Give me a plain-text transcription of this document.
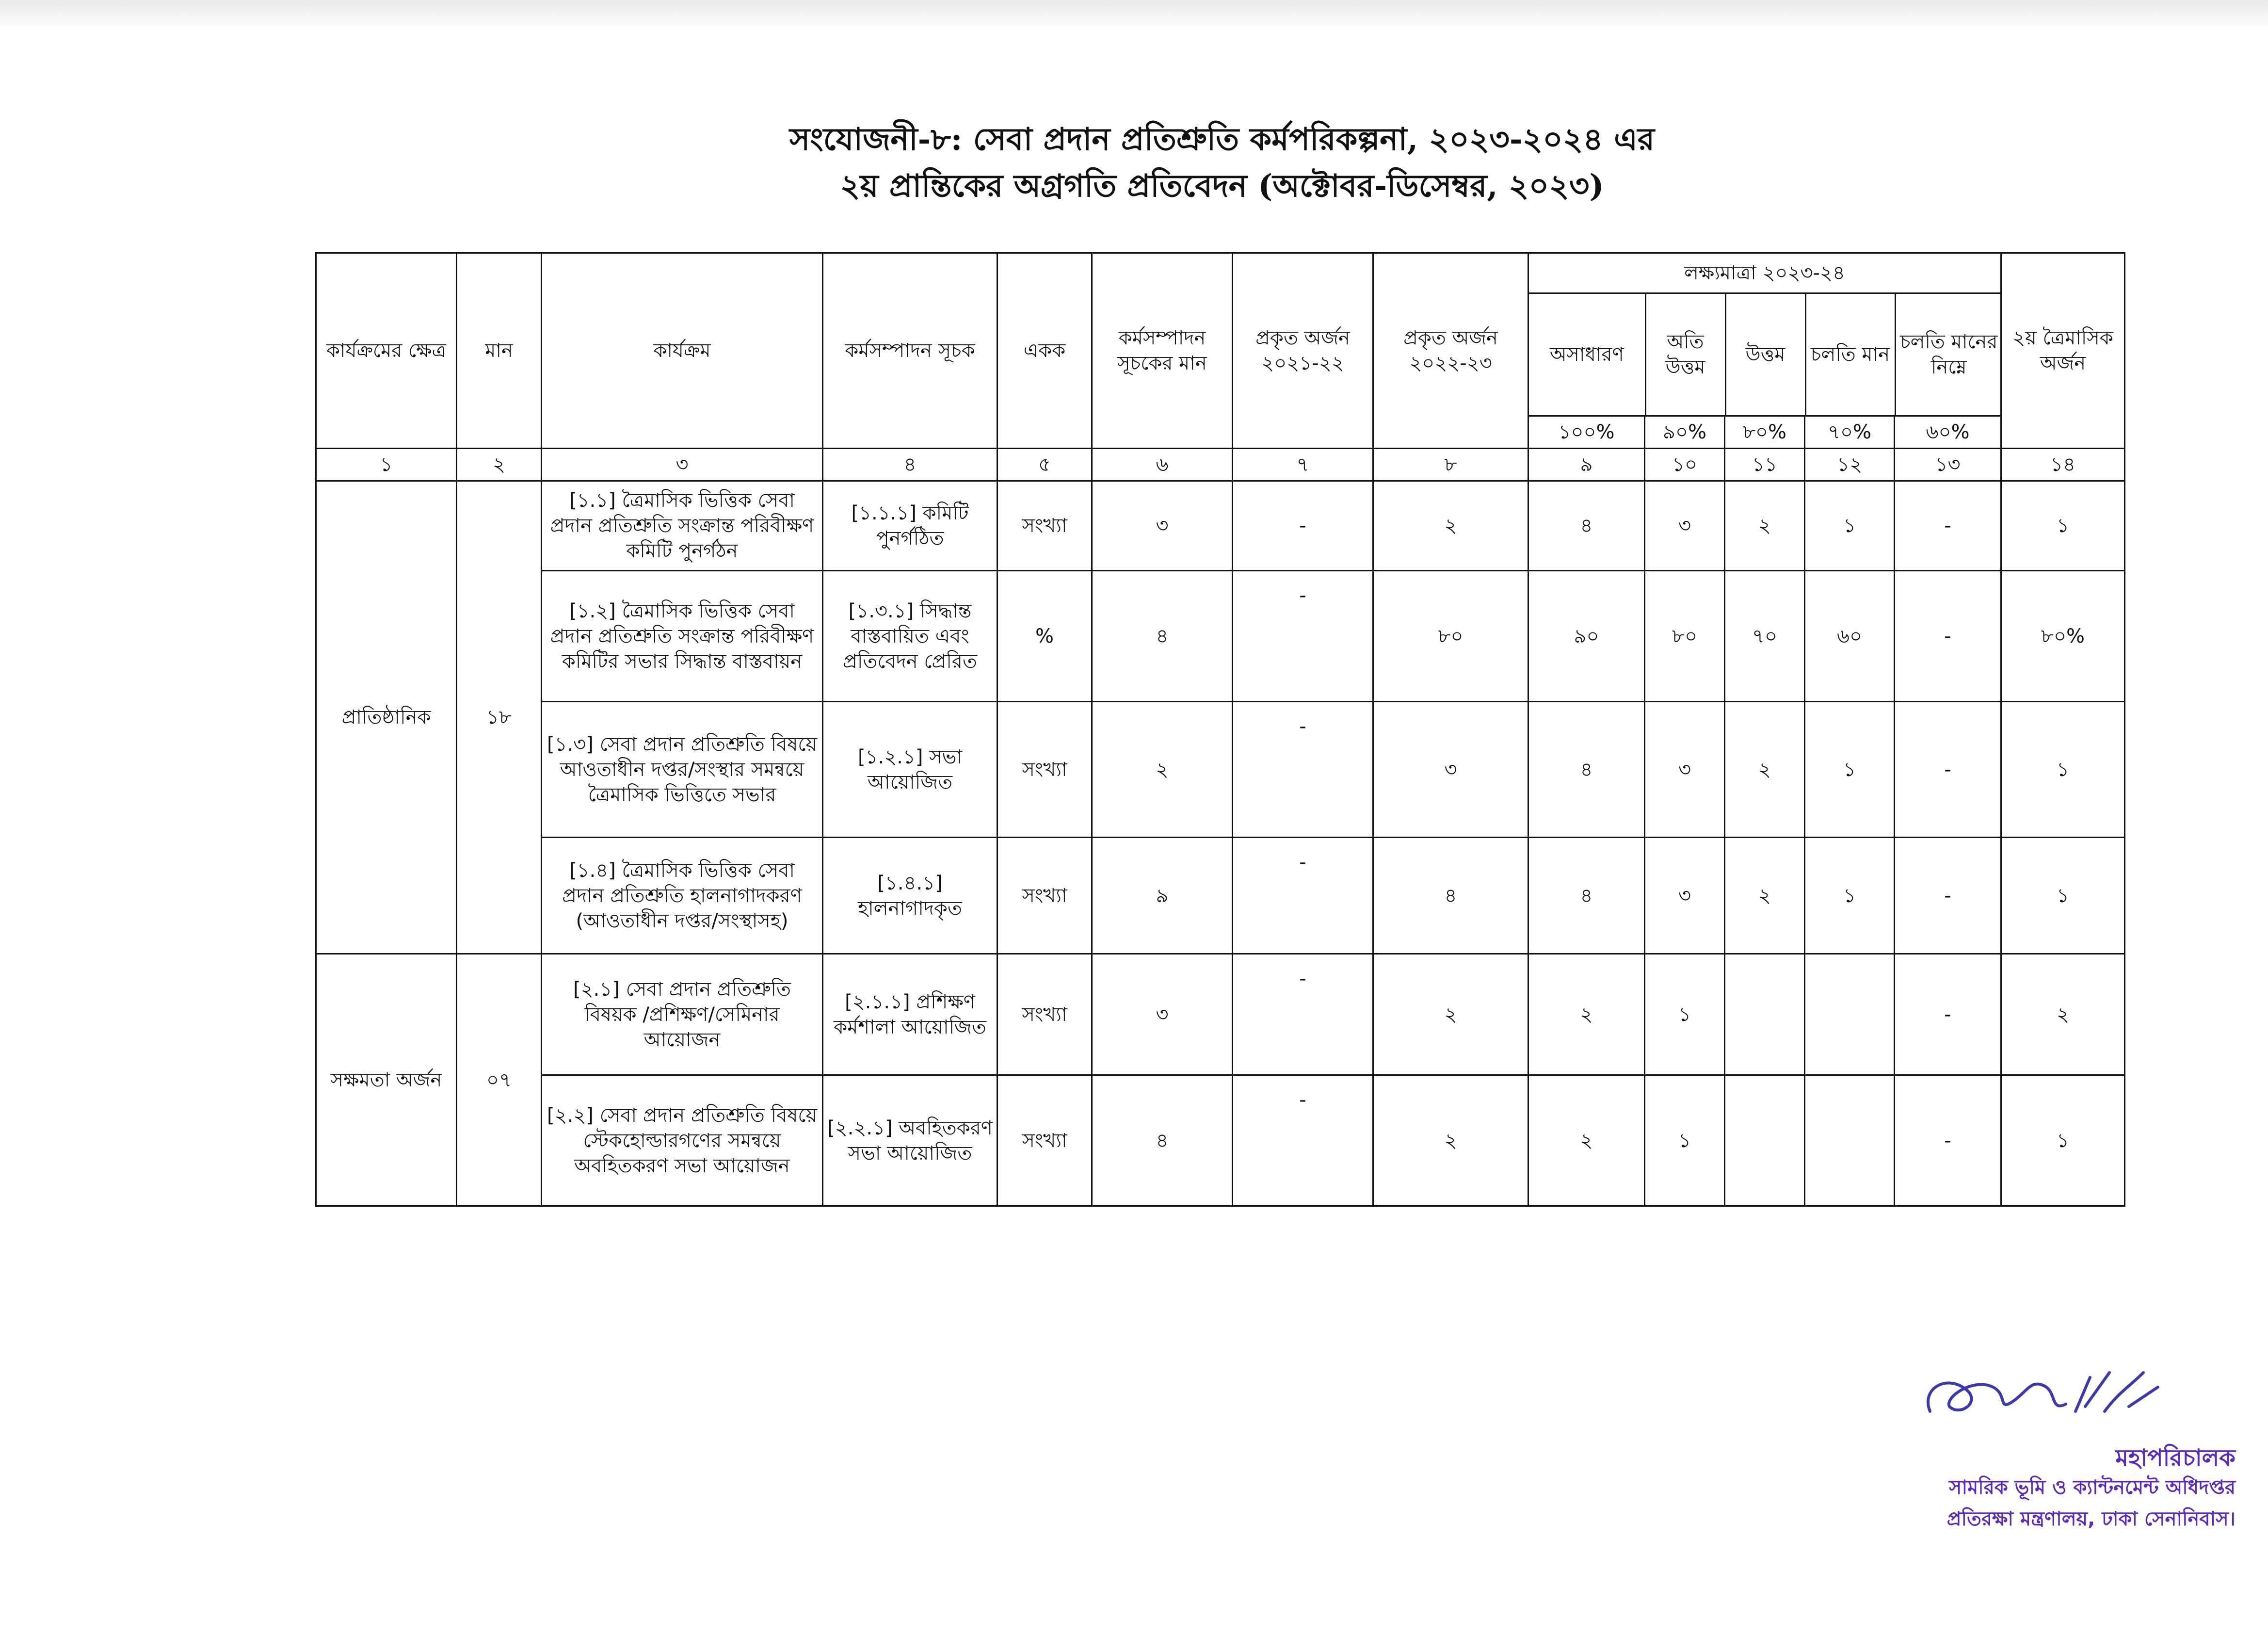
সংযোজনী-৮: সেবা প্রদান প্রতিশ্রুতি কর্মপরিকল্পনা, ২০২৩-২০২৪ এর
২য় প্রান্তিকের অগ্রগতি প্রতিবেদন (অক্টোবর-ডিসেম্বর, ২০২৩)
কার্যক্রমের ক্ষেত্র	মান	কার্যক্রম	কর্মসম্পাদন সূচক	একক	কর্মসম্পাদন সূচকের মান	প্রকৃত অর্জন ২০২১-২২	প্রকৃত অর্জন ২০২২-২৩	
লক্ষ্যমাত্রা ২০২৩-২৪
অসাধারণ	অতি উত্তম	উত্তম	চলতি মান	চলতি মানের নিম্নে
	২য় ত্রৈমাসিক অর্জন
১০০%	৯০%	৮০%	৭০%	৬০%
১	২	৩	৪	৫	৬	৭	৮	৯	১০	১১	১২	১৩	১৪
প্রাতিষ্ঠানিক	১৮	[১.১] ত্রৈমাসিক ভিত্তিক সেবা প্রদান প্রতিশ্রুতি সংক্রান্ত পরিবীক্ষণ কমিটি পুনর্গঠন	[১.১.১] কমিটি পুনর্গঠিত	সংখ্যা	৩	-	২	৪	৩	২	১	-	১
[১.২] ত্রৈমাসিক ভিত্তিক সেবা প্রদান প্রতিশ্রুতি সংক্রান্ত পরিবীক্ষণ কমিটির সভার সিদ্ধান্ত বাস্তবায়ন	[১.৩.১] সিদ্ধান্ত বাস্তবায়িত এবং প্রতিবেদন প্রেরিত	%	৪	-	৮০	৯০	৮০	৭০	৬০	-	৮০%
[১.৩] সেবা প্রদান প্রতিশ্রুতি বিষয়ে আওতাধীন দপ্তর/সংস্থার সমন্বয়ে ত্রৈমাসিক ভিত্তিতে সভার	[১.২.১] সভা আয়োজিত	সংখ্যা	২	-	৩	৪	৩	২	১	-	১
[১.৪] ত্রৈমাসিক ভিত্তিক সেবা প্রদান প্রতিশ্রুতি হালনাগাদকরণ (আওতাধীন দপ্তর/সংস্থাসহ)	[১.৪.১] হালনাগাদকৃত	সংখ্যা	৯	-	৪	৪	৩	২	১	-	১
সক্ষমতা অর্জন	০৭	[২.১] সেবা প্রদান প্রতিশ্রুতি বিষয়ক /প্রশিক্ষণ/সেমিনার আয়োজন	[২.১.১] প্রশিক্ষণ কর্মশালা আয়োজিত	সংখ্যা	৩	-	২	২	১			-	২
[২.২] সেবা প্রদান প্রতিশ্রুতি বিষয়ে স্টেকহোল্ডারগণের সমন্বয়ে অবহিতকরণ সভা আয়োজন	[২.২.১] অবহিতকরণ সভা আয়োজিত	সংখ্যা	৪	-	২	২	১			-	১
মহাপরিচালক
সামরিক ভূমি ও ক্যান্টনমেন্ট অধিদপ্তর
প্রতিরক্ষা মন্ত্রণালয়, ঢাকা সেনানিবাস।
